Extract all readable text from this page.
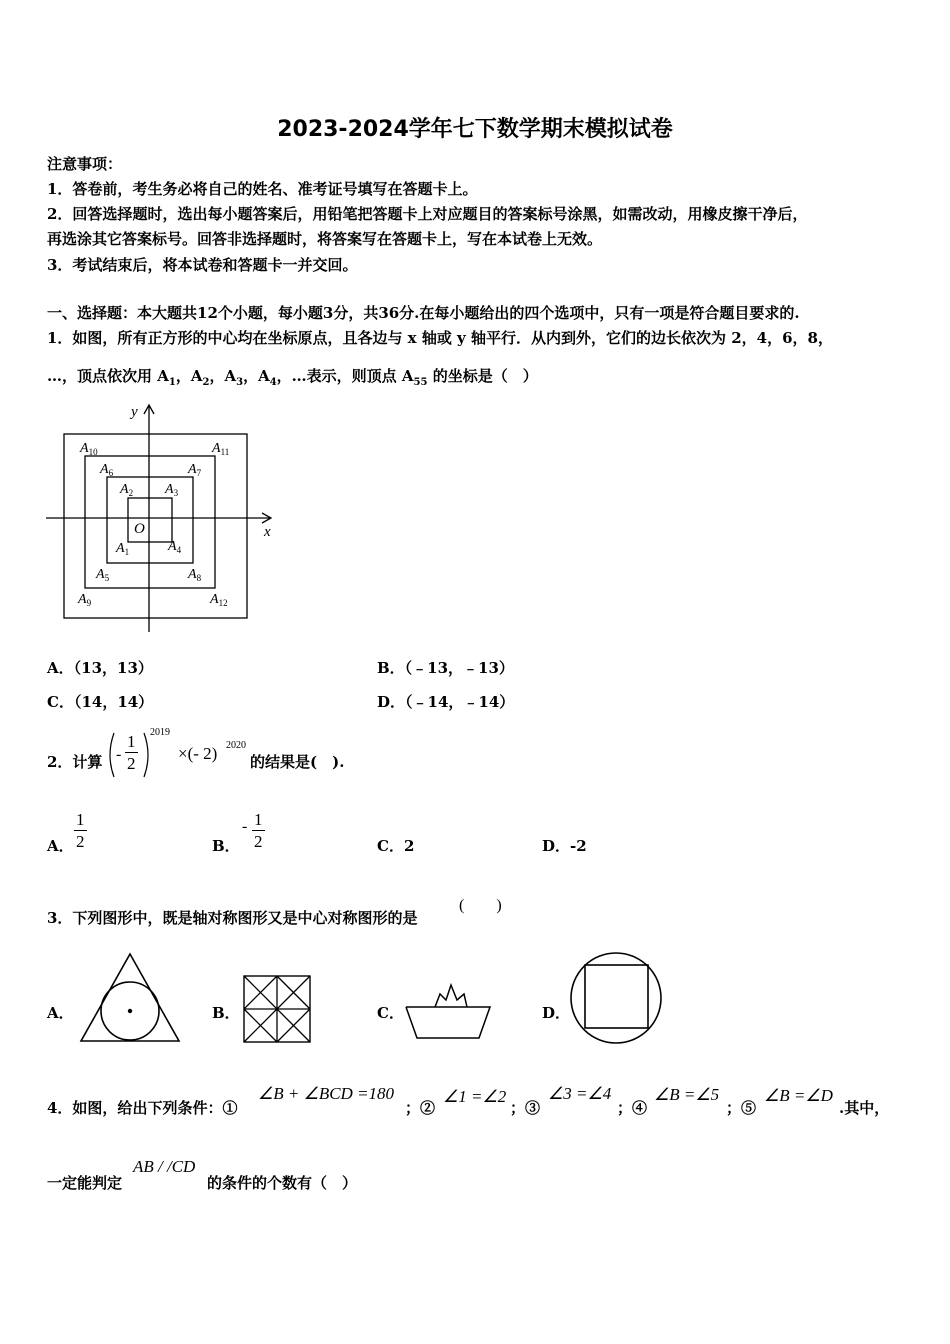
2023-2024学年七下数学期末模拟试卷
注意事项：
1．答卷前，考生务必将自己的姓名、准考证号填写在答题卡上。
2．回答选择题时，选出每小题答案后，用铅笔把答题卡上对应题目的答案标号涂黑，如需改动，用橡皮擦干净后，
再选涂其它答案标号。回答非选择题时，将答案写在答题卡上，写在本试卷上无效。
3．考试结束后，将本试卷和答题卡一并交回。
一、选择题：本大题共12个小题，每小题3分，共36分.在每小题给出的四个选项中，只有一项是符合题目要求的.
1．如图，所有正方形的中心均在坐标原点，且各边与 x 轴或 y 轴平行．从内到外，它们的边长依次为 2，4，6，8，
…，顶点依次用 $A_1$，$A_2$，$A_3$，$A_4$，…表示，则顶点 $A_{55}$ 的坐标是（　）
y
x
O
$A_1$
$A_2$ $A_3$
$A_4$
$A_5$
$A_6$	$A_7$
$A_8$
$A_9$
$A_{10}$	$A_{11}$
$A_{12}$
A．（13，13）	B．（﹣13，﹣13）
C．（14，14）	D．（﹣14，﹣14）
2．计算 - $\frac{1}{2} 2019$
×(- 2) 2020
的结果是(　).
A． $\frac{1}{2}$	B．
- $\frac{1}{2}$	C．2	D．-2
3．下列图形中，既是轴对称图形又是中心对称图形的是
(　　)
A．	B．	C．	D．
4．如图，给出下列条件：①
∠B + ∠BCD =180
；②
∠1 =∠2
；③
∠3 =∠4
；④
∠B =∠5
；⑤
∠B =∠D
.其中，
一定能判定
AB / /CD
的条件的个数有（　）
